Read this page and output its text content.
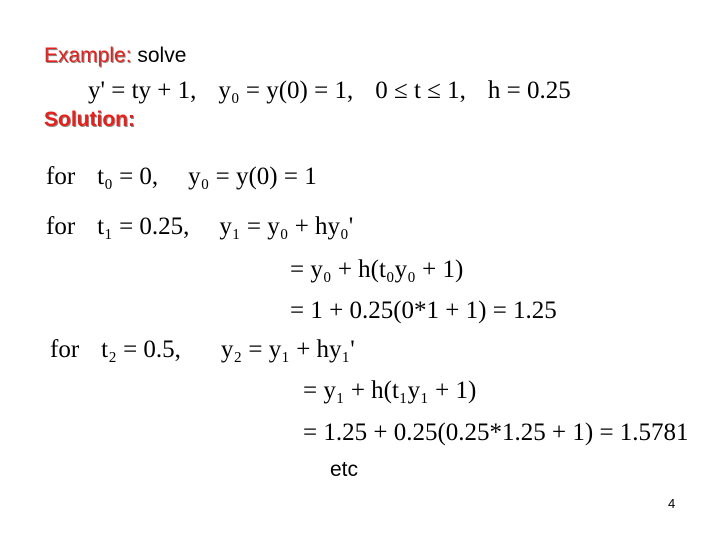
Example: solve
y' = ty + 1, y₀ = y(0) = 1, 0 ≤ t ≤ 1, h = 0.25
Solution:
for t₀ = 0, y₀ = y(0) = 1
for t₁ = 0.25, y₁ = y₀ + hy₀'
= y₀ + h(t₀y₀ + 1)
= 1 + 0.25(0*1 + 1) = 1.25
for t₂ = 0.5, y₂ = y₁ + hy₁'
= y₁ + h(t₁y₁ + 1)
= 1.25 + 0.25(0.25*1.25 + 1) = 1.5781
etc
4
